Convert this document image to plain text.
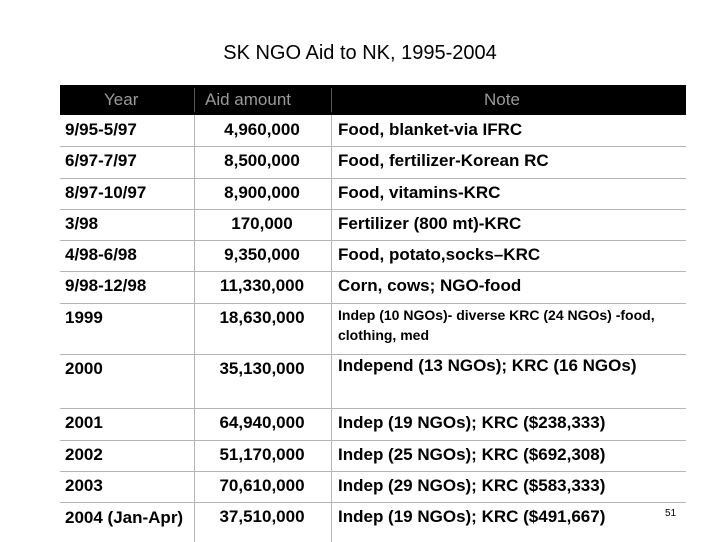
SK NGO Aid to NK, 1995-2004
Year	Aid amount	Note
9/95-5/97	4,960,000	Food, blanket-via IFRC
6/97-7/97	8,500,000	Food, fertilizer-Korean RC
8/97-10/97	8,900,000	Food, vitamins-KRC
3/98	170,000	Fertilizer (800 mt)-KRC
4/98-6/98	9,350,000	Food, potato,socks–KRC
9/98-12/98	11,330,000	Corn, cows; NGO-food
1999	18,630,000	Indep (10 NGOs)- diverse KRC (24 NGOs) -food, clothing, med
2000	35,130,000	Independ (13 NGOs); KRC (16 NGOs)
2001	64,940,000	Indep (19 NGOs); KRC ($238,333)
2002	51,170,000	Indep (25 NGOs); KRC ($692,308)
2003	70,610,000	Indep (29 NGOs); KRC ($583,333)
2004 (Jan-Apr)	37,510,000	Indep (19 NGOs); KRC ($491,667)	51
